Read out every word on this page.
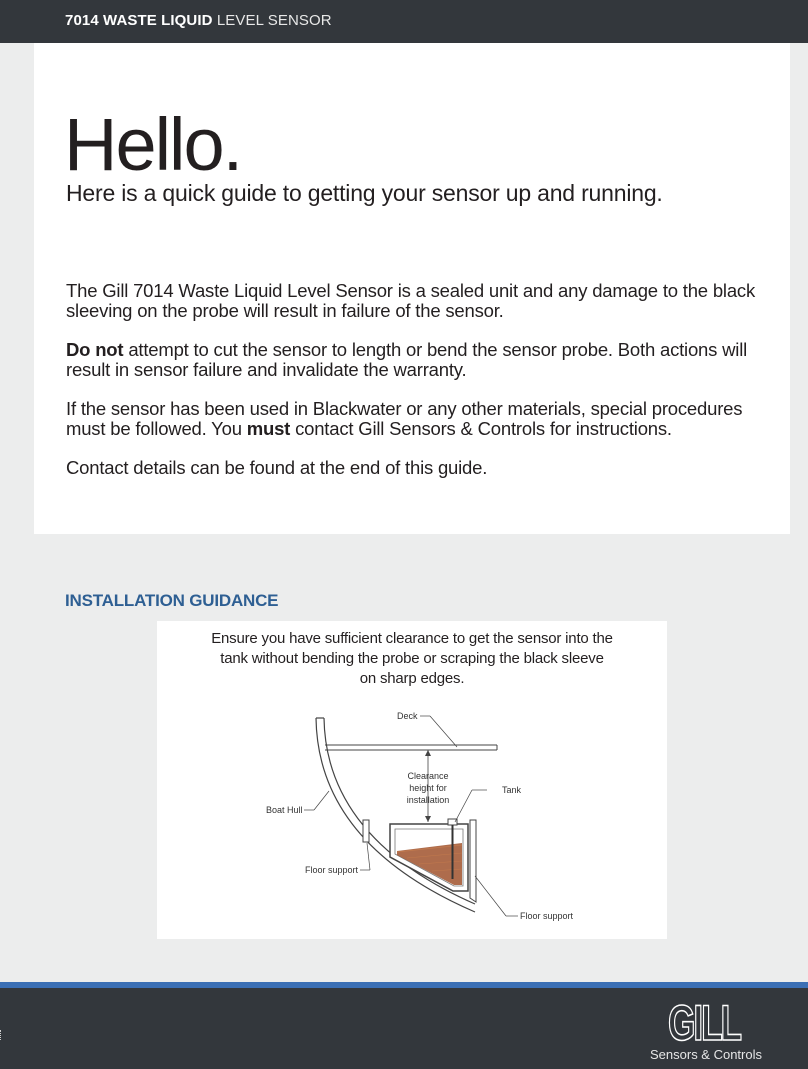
7014 WASTE LIQUID LEVEL SENSOR
Hello.
Here is a quick guide to getting your sensor up and running.
The Gill 7014 Waste Liquid Level Sensor is a sealed unit and any damage to the black sleeving on the probe will result in failure of the sensor.
Do not attempt to cut the sensor to length or bend the sensor probe. Both actions will result in sensor failure and invalidate the warranty.
If the sensor has been used in Blackwater or any other materials, special procedures must be followed. You must contact Gill Sensors & Controls for instructions.
Contact details can be found at the end of this guide.
INSTALLATION GUIDANCE
Ensure you have sufficient clearance to get the sensor into the
tank without bending the probe or scraping the black sleeve
on sharp edges.
Deck
Clearance
height for
installation
Tank
Boat Hull
Floor support
Floor support
GILL
Sensors & Controls
